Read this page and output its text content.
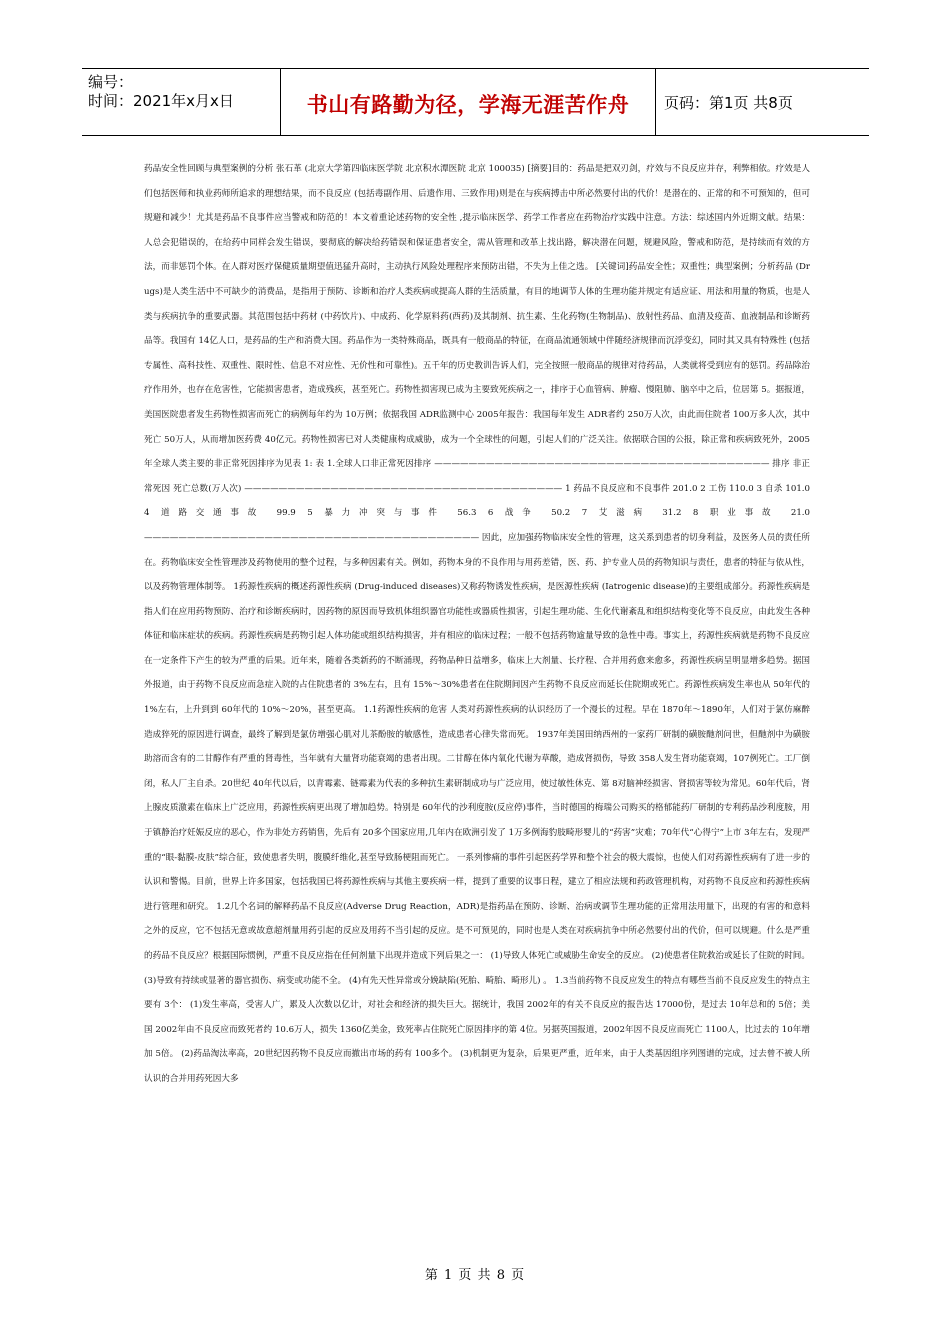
编号：
时间：2021年x月x日	书山有路勤为径，学海无涯苦作舟	页码：第1页 共8页
药品安全性回顾与典型案例的分析 张石革 (北京大学第四临床医学院 北京积水潭医院 北京 100035) [摘要]目的：药品是把双刃剑，疗效与不良反应并存，利弊相依。疗效是人们包括医师和执业药师所追求的理想结果，而不良反应 (包括毒副作用、后遗作用、三致作用)则是在与疾病搏击中所必然要付出的代价！是潜在的、正常的和不可预知的，但可规避和减少！尤其是药品不良事件应当警戒和防范的！本文着重论述药物的安全性 ,提示临床医学、药学工作者应在药物治疗实践中注意。方法：综述国内外近期文献。结果：人总会犯错误的，在给药中同样会发生错误，要彻底的解决给药错误和保证患者安全，需从管理和改革上找出路，解决潜在问题，规避风险，警戒和防范，是持续而有效的方法，而非惩罚个体。在人群对医疗保健质量期望值迅猛升高时，主动执行风险处理程序来预防出错，不失为上佳之选。 [关键词]药品安全性；双重性；典型案例；分析药品 (Drugs)是人类生活中不可缺少的消费品，是指用于预防、诊断和治疗人类疾病或提高人群的生活质量，有目的地调节人体的生理功能并规定有适应证、用法和用量的物质，也是人类与疾病抗争的重要武器。其范围包括中药材 (中药饮片)、中成药、化学原料药(西药)及其制剂、抗生素、生化药物(生物制品)、放射性药品、血清及疫苗、血液制品和诊断药品等。我国有 14亿人口，是药品的生产和消费大国。药品作为一类特殊商品，既具有一般商品的特征，在商品流通领域中伴随经济规律而沉浮变幻，同时其又具有特殊性 (包括专属性、高科技性、双重性、限时性、信息不对应性、无价性和可靠性)。五千年的历史教训告诉人们，完全按照一般商品的规律对待药品，人类就将受到应有的惩罚。药品除治疗作用外，也存在危害性，它能损害患者，造成残疾，甚至死亡。药物性损害现已成为主要致死疾病之一，排序于心血管病、肿瘤、慢阻肺、脑卒中之后，位居第 5。据报道，美国医院患者发生药物性损害而死亡的病例每年约为 10万例；依据我国 ADR监测中心 2005年报告：我国每年发生 ADR者约 250万人次，由此而住院者 100万多人次，其中死亡 50万人，从而增加医药费 40亿元。药物性损害已对人类健康构成威胁，成为一个全球性的问题，引起人们的广泛关注。依据联合国的公报，除正常和疾病致死外，2005年全球人类主要的非正常死因排序为见表 1: 表 1.全球人口非正常死因排序 ——————————————————————————————————————— 排序 非正常死因 死亡总数(万人次) ————————————————————————————————————— 1 药品不良反应和不良事件 201.0 2 工伤 110.0 3 自杀 101.0 4 道路交通事故 99.9 5 暴力冲突与事件 56.3 6 战争 50.2 7 艾滋病 31.2 8 职业事故 21.0 ——————————————————————————————————————— 因此，应加强药物临床安全性的管理，这关系到患者的切身利益，及医务人员的责任所在。药物临床安全性管理涉及药物使用的整个过程，与多种因素有关。例如，药物本身的不良作用与用药差错，医、药、护专业人员的药物知识与责任，患者的特征与依从性，以及药物管理体制等。 1药源性疾病的概述药源性疾病 (Drug-induced diseases)又称药物诱发性疾病，是医源性疾病 (Iatrogenic disease)的主要组成部分。药源性疾病是指人们在应用药物预防、治疗和诊断疾病时，因药物的原因而导致机体组织器官功能性或器质性损害，引起生理功能、生化代谢紊乱和组织结构变化等不良反应，由此发生各种体征和临床症状的疾病。药源性疾病是药物引起人体功能或组织结构损害，并有相应的临床过程；一般不包括药物逾量导致的急性中毒。事实上，药源性疾病就是药物不良反应在一定条件下产生的较为严重的后果。近年来，随着各类新药的不断涌现，药物品种日益增多，临床上大剂量、长疗程、合并用药愈来愈多，药源性疾病呈明显增多趋势。据国外报道，由于药物不良反应而急症入院的占住院患者的 3%左右，且有 15%～30%患者在住院期间因产生药物不良反应而延长住院期或死亡。药源性疾病发生率也从 50年代的 1%左右，上升到到 60年代的 10%～20%，甚至更高。 1.1药源性疾病的危害 人类对药源性疾病的认识经历了一个漫长的过程。早在 1870年～1890年，人们对于氯仿麻醉造成猝死的原因进行调查，最终了解到是氯仿增强心肌对儿茶酚胺的敏感性，造成患者心律失常而死。 1937年美国田纳西州的一家药厂研制的磺胺酏剂问世，但酏剂中为磺胺助溶而含有的二甘醇作有严重的肾毒性，当年就有大量肾功能衰竭的患者出现。二甘醇在体内氧化代谢为草酸，造成肾损伤，导致 358人发生肾功能衰竭，107例死亡。工厂倒闭，私人厂主自杀。20世纪 40年代以后，以青霉素、链霉素为代表的多种抗生素研制成功与广泛应用，使过敏性休克、第 8对脑神经损害、肾损害等较为常见。60年代后，肾上腺皮质激素在临床上广泛应用，药源性疾病更出现了增加趋势。特别是 60年代的沙利度胺(反应停)事件，当时德国的梅瑞公司购买的格郁能药厂研制的专利药品沙利度胺，用于镇静治疗妊娠反应的恶心，作为非处方药销售，先后有 20多个国家应用,几年内在欧洲引发了 1万多例海豹肢畸形婴儿的“药害”灾难；70年代“心得宁”上市 3年左右，发现严重的“眼-黏膜-皮肤”综合征，致使患者失明，腹膜纤维化,甚至导致肠梗阻而死亡。 一系列惨痛的事件引起医药学界和整个社会的极大震惊，也使人们对药源性疾病有了进一步的认识和警惕。目前，世界上许多国家，包括我国已将药源性疾病与其他主要疾病一样，提到了重要的议事日程，建立了相应法规和药政管理机构，对药物不良反应和药源性疾病进行管理和研究。 1.2几个名词的解释药品不良反应(Adverse Drug Reaction，ADR)是指药品在预防、诊断、治病或调节生理功能的正常用法用量下，出现的有害的和意料之外的反应，它不包括无意或故意超剂量用药引起的反应及用药不当引起的反应。是不可预见的，同时也是人类在对疾病抗争中所必然要付出的代价，但可以规避。什么是严重的药品不良反应？根据国际惯例，严重不良反应指在任何剂量下出现并造成下列后果之一： (1)导致人体死亡或威胁生命安全的反应。 (2)使患者住院救治或延长了住院的时间。 (3)导致有持续或显著的器官损伤、病变或功能不全。 (4)有先天性异常或分娩缺陷(死胎、畸胎、畸形儿) 。 1.3当前药物不良反应发生的特点有哪些当前不良反应发生的特点主要有 3个： (1)发生率高，受害人广，累及人次数以亿计，对社会和经济的损失巨大。据统计，我国 2002年的有关不良反应的报告达 17000份，是过去 10年总和的 5倍；美国 2002年由不良反应而致死者约 10.6万人，损失 1360亿美金，致死率占住院死亡原因排序的第 4位。另据英国报道，2002年因不良反应而死亡 1100人，比过去的 10年增加 5倍。 (2)药品淘汰率高，20世纪因药物不良反应而撤出市场的药有 100多个。 (3)机制更为复杂，后果更严重，近年来，由于人类基因组序列图谱的完成，过去曾不被人所认识的合并用药死因大多
第 1 页 共 8 页
